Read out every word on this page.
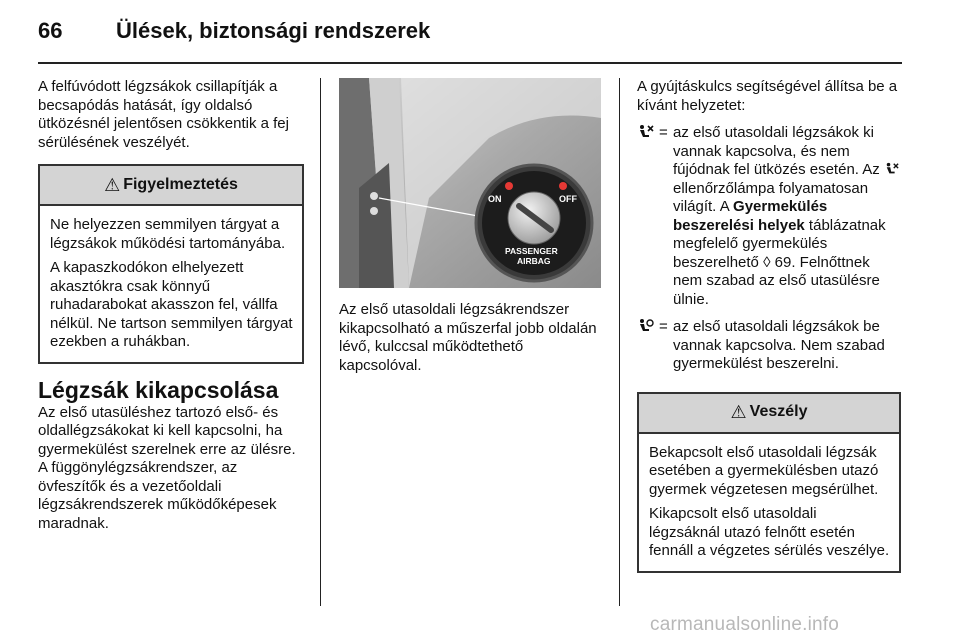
66 Ülések, biztonsági rendszerek

A felfúvódott légzsákok csillapítják a becsapódás hatását, így oldalsó ütközésnél jelentősen csökkentik a fej sérülésének veszélyét.

⚠ Figyelmeztetés

Ne helyezzen semmilyen tárgyat a légzsákok működési tartományába.

A kapaszkodókon elhelyezett akasztókra csak könnyű ruhadarabokat akasszon fel, vállfa nélkül. Ne tartson semmilyen tárgyat ezekben a ruhákban.

Légzsák kikapcsolása

Az első utasüléshez tartozó első- és oldallégzsákokat ki kell kapcsolni, ha gyermekülést szerelnek erre az ülésre. A függönylégzsákrendszer, az övfeszítők és a vezetőoldali légzsákrendszerek működőképesek maradnak.

ON	OFF
PASSENGER
AIRBAG

Az első utasoldali légzsákrendszer kikapcsolható a műszerfal jobb oldalán lévő, kulccsal működtethető kapcsolóval.

A gyújtáskulcs segítségével állítsa be a kívánt helyzetet:

= az első utasoldali légzsákok ki vannak kapcsolva, és nem fújódnak fel ütközés esetén. Az  ellenőrzőlámpa folyamatosan világít. A Gyermekülés beszerelési helyek táblázatnak megfelelő gyermekülés beszerelhető ◊ 69. Felnőttnek nem szabad az első utasülésre ülnie.
= az első utasoldali légzsákok be vannak kapcsolva. Nem szabad gyermekülést beszerelni.
⚠ Veszély

Bekapcsolt első utasoldali légzsák esetében a gyermekülésben utazó gyermek végzetesen megsérülhet.

Kikapcsolt első utasoldali légzsáknál utazó felnőtt esetén fennáll a végzetes sérülés veszélye.

carmanualsonline.info
